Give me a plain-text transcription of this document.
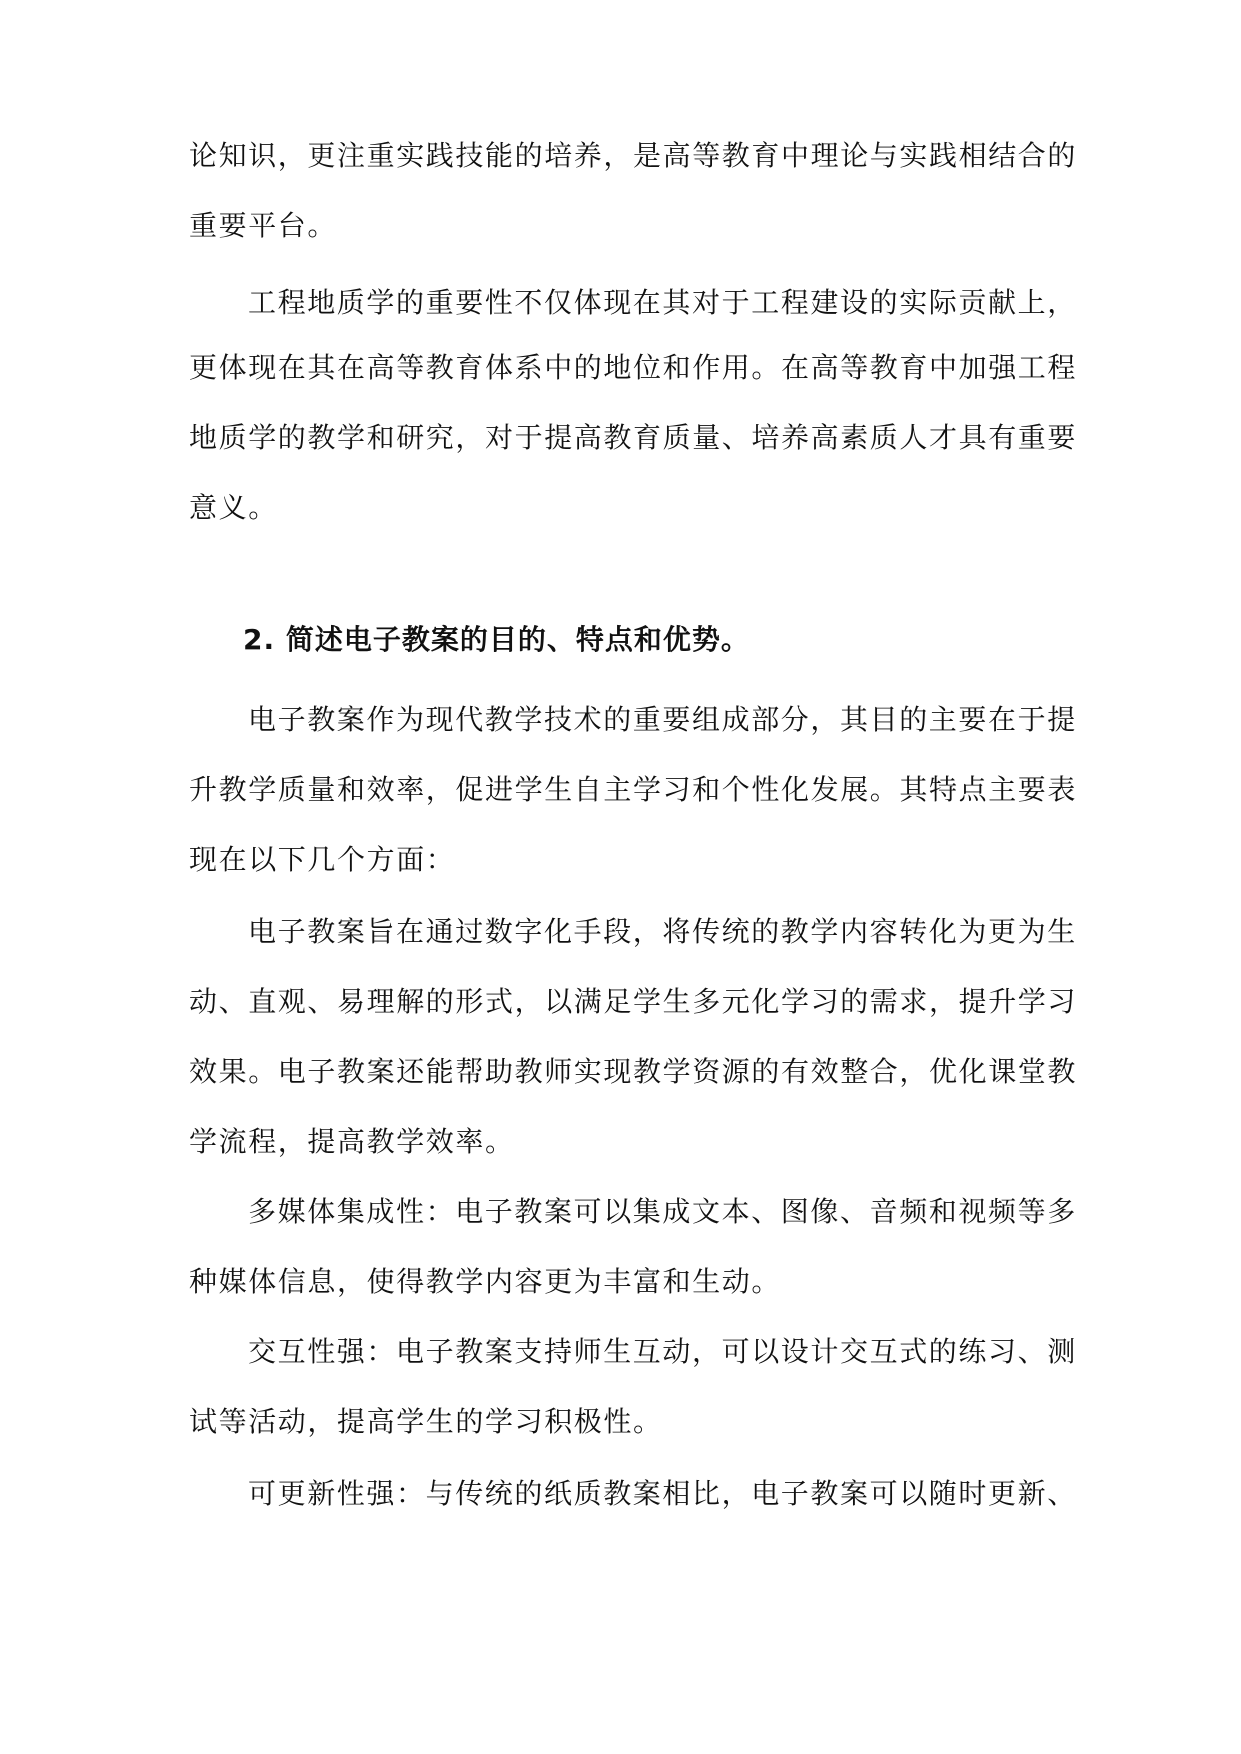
论知识，更注重实践技能的培养，是高等教育中理论与实践相结合的
重要平台。
工程地质学的重要性不仅体现在其对于工程建设的实际贡献上，
更体现在其在高等教育体系中的地位和作用。在高等教育中加强工程
地质学的教学和研究，对于提高教育质量、培养高素质人才具有重要
意义。
2. 简述电子教案的目的、特点和优势。
电子教案作为现代教学技术的重要组成部分，其目的主要在于提
升教学质量和效率，促进学生自主学习和个性化发展。其特点主要表
现在以下几个方面：
电子教案旨在通过数字化手段，将传统的教学内容转化为更为生
动、直观、易理解的形式，以满足学生多元化学习的需求，提升学习
效果。电子教案还能帮助教师实现教学资源的有效整合，优化课堂教
学流程，提高教学效率。
多媒体集成性：电子教案可以集成文本、图像、音频和视频等多
种媒体信息，使得教学内容更为丰富和生动。
交互性强：电子教案支持师生互动，可以设计交互式的练习、测
试等活动，提高学生的学习积极性。
可更新性强：与传统的纸质教案相比，电子教案可以随时更新、
